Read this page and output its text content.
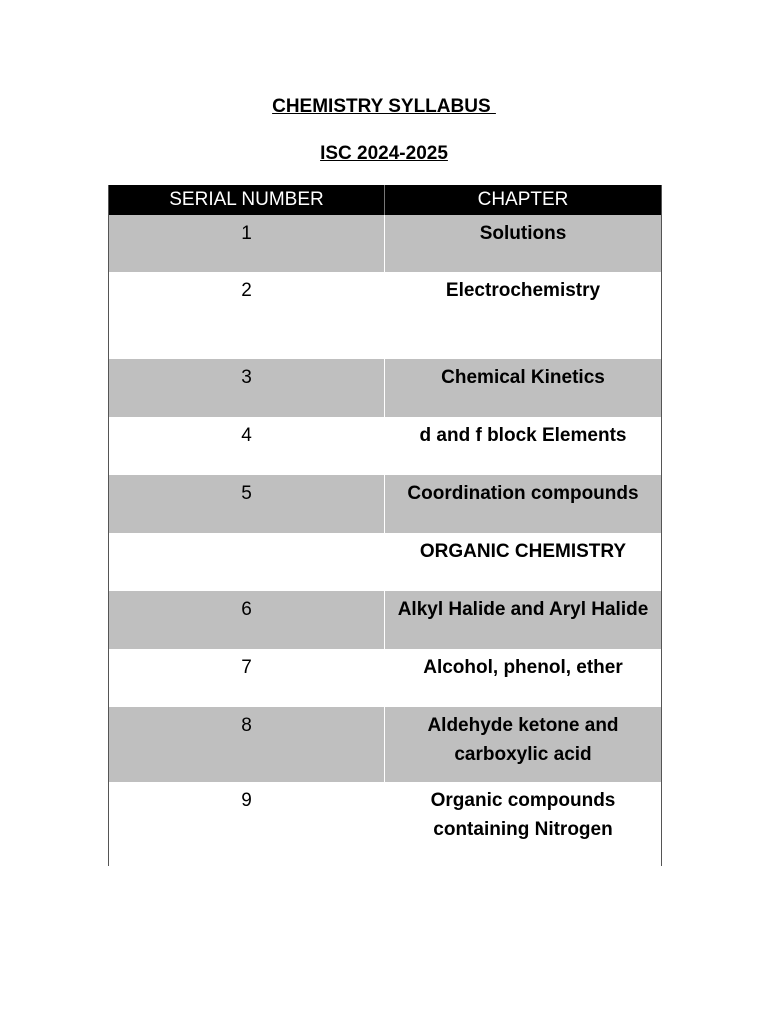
CHEMISTRY SYLLABUS
ISC 2024-2025
SERIAL NUMBER	CHAPTER
1	Solutions
2	Electrochemistry
3	Chemical Kinetics
4	d and f block Elements
5	Coordination compounds
	ORGANIC CHEMISTRY
6	Alkyl Halide and Aryl Halide
7	Alcohol, phenol, ether
8	Aldehyde ketone and carboxylic acid
9	Organic compounds containing Nitrogen
